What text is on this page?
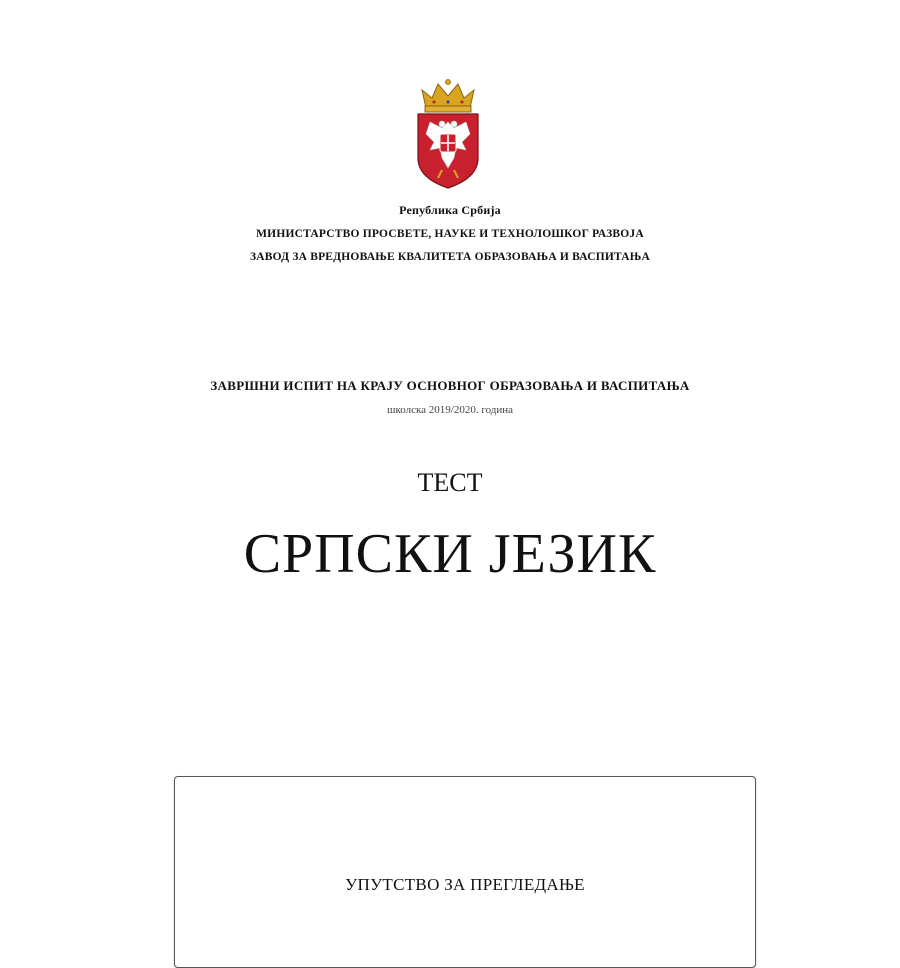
Република Србија
МИНИСТАРСТВО ПРОСВЕТЕ, НАУКЕ И ТЕХНОЛОШКОГ РАЗВОЈА
ЗАВОД ЗА ВРЕДНОВАЊЕ КВАЛИТЕТА ОБРАЗОВАЊА И ВАСПИТАЊА
ЗАВРШНИ ИСПИТ НА КРАЈУ ОСНОВНОГ ОБРАЗОВАЊА И ВАСПИТАЊА
школска 2019/2020. година
ТЕСТ
СРПСКИ ЈЕЗИК
УПУТСТВО ЗА ПРЕГЛЕДАЊЕ
